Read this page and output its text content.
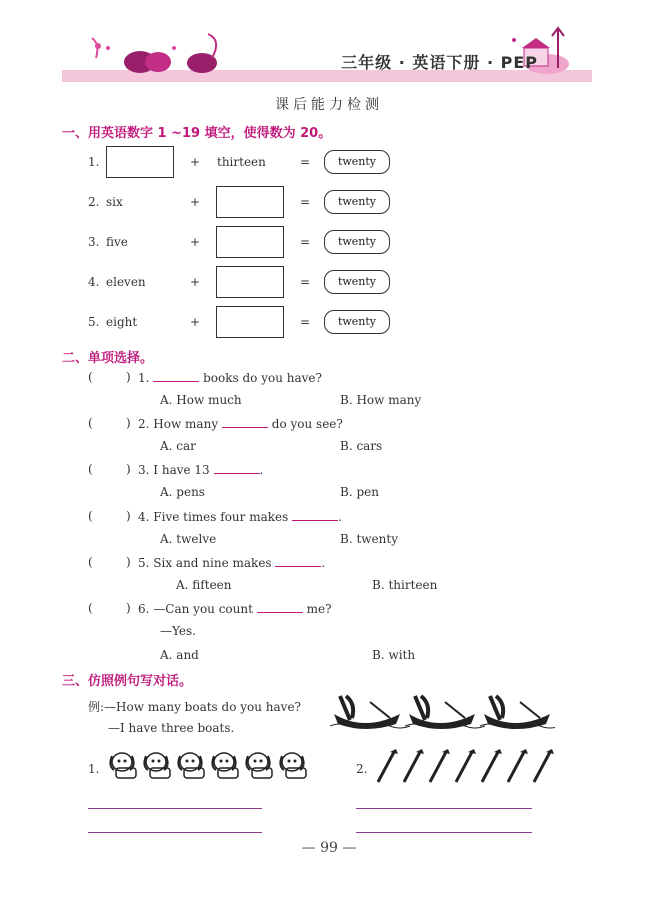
三年级 · 英语下册 · PEP
课后能力检测
一、用英语数字 1 ~19 填空，使得数为 20。
1.	+ thirteen	=	twenty
2. six	+	=	twenty
3. five	+	=	twenty
4. eleven	+	=	twenty
5. eight	+	=	twenty
二、单项选择。
(	) 1.	books do you have?
A. How much	B. How many
(	) 2. How many	do you see?
A. car	B. cars
(	) 3. I have 13	.
A. pens	B. pen
(	) 4. Five times four makes	.
A. twelve	B. twenty
(	) 5. Six and nine makes	.
A. fifteen	B. thirteen
(	) 6. —Can you count	me?
—Yes.
A. and	B. with
三、仿照例句写对话。
例:—How many boats do you have?
—I have three boats.
1.	2.
— 99 —
